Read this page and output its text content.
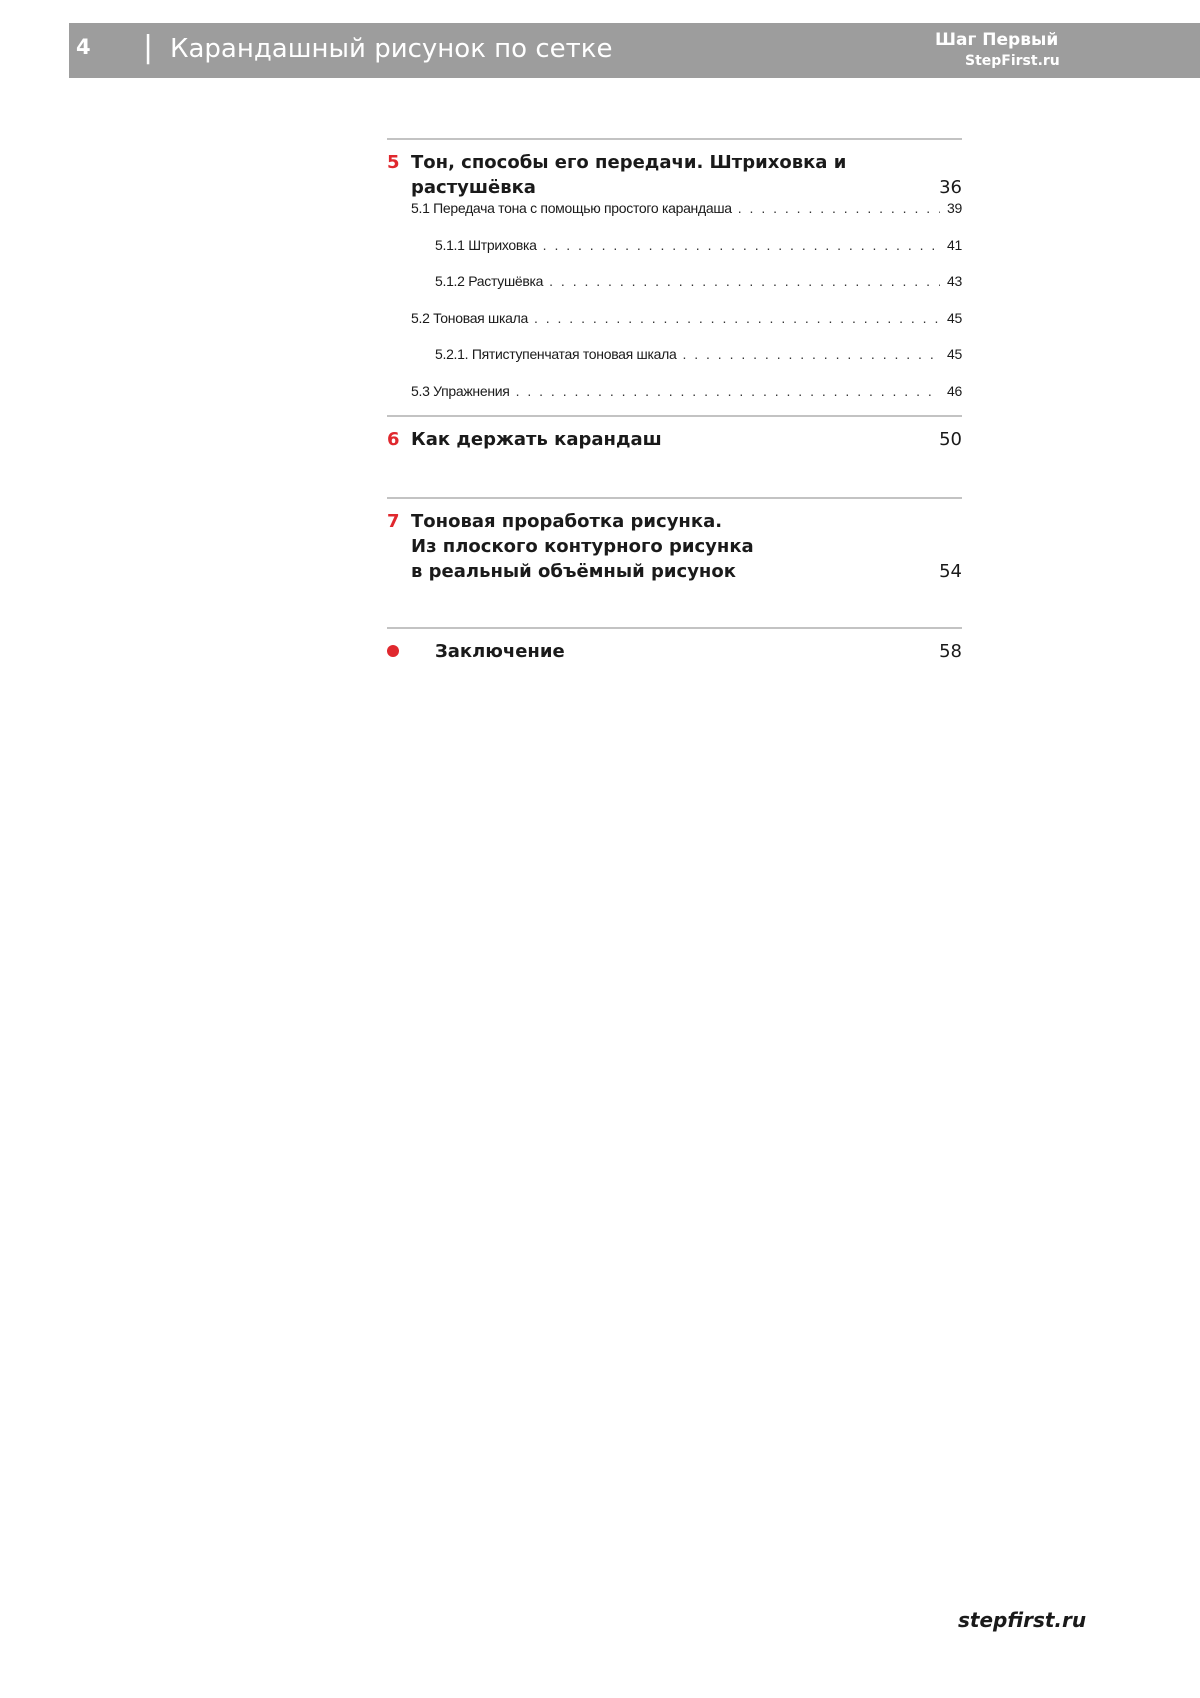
4 | Карандашный рисунок по сетке	Шаг Первый
StepFirst.ru
5 Тон, способы его передачи. Штриховка и растушёвка	36
5.1 Передача тона с помощью простого карандаша . . .	39
5.1.1 Штриховка . . .	41
5.1.2 Растушёвка . . .	43
5.2 Тоновая шкала . . .	45
5.2.1. Пятиступенчатая тоновая шкала . . .	45
5.3 Упражнения . . .	46
6 Как держать карандаш	50
7 Тоновая проработка рисунка.
Из плоского контурного рисунка
в реальный объёмный рисунок	54
Заключение	58
stepfirst.ru
